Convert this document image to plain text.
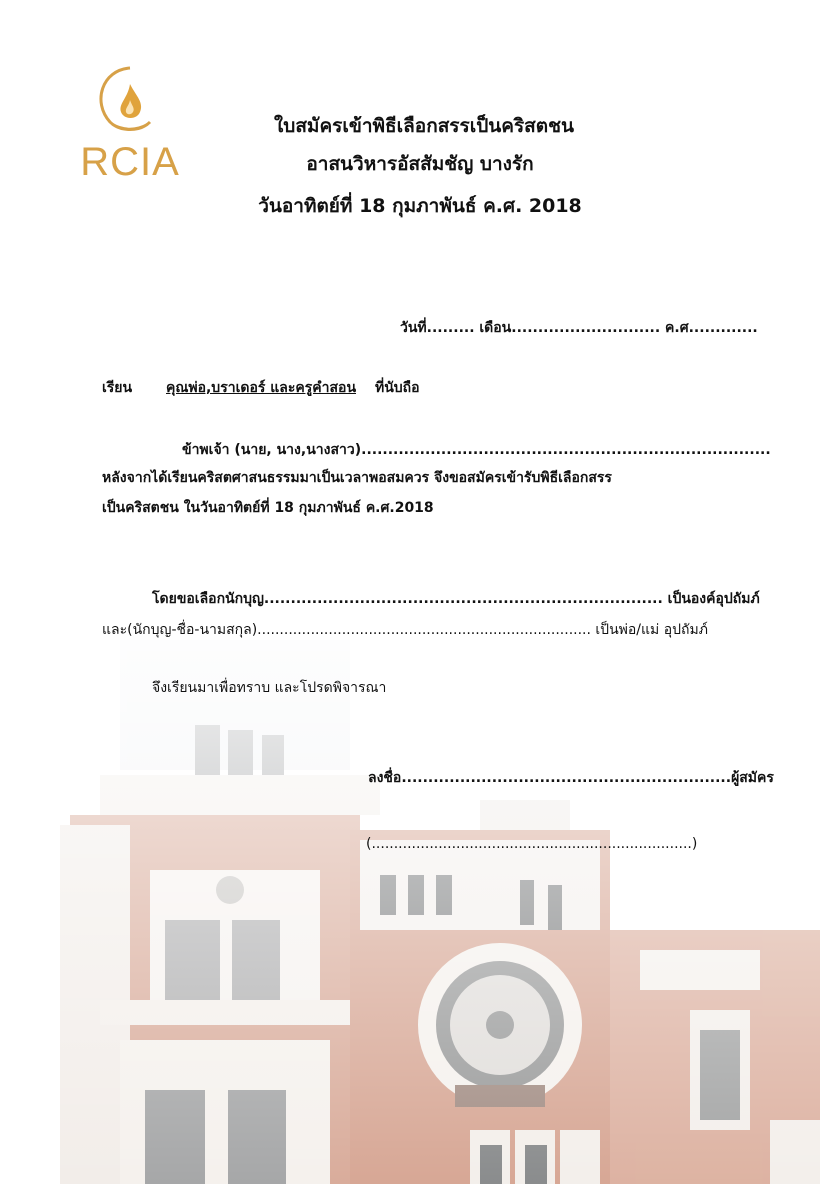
RCIA
ใบสมัครเข้าพิธีเลือกสรรเป็นคริสตชน
อาสนวิหารอัสสัมชัญ บางรัก
วันอาทิตย์ที่ 18 กุมภาพันธ์ ค.ศ. 2018
วันที่......... เดือน............................ ค.ศ.............
เรียน คุณพ่อ,บราเดอร์ และครูคำสอน ที่นับถือ
ข้าพเจ้า (นาย, นาง,นางสาว).............................................................................
หลังจากได้เรียนคริสตศาสนธรรมมาเป็นเวลาพอสมควร จึงขอสมัครเข้ารับพิธีเลือกสรร
เป็นคริสตชน ในวันอาทิตย์ที่ 18 กุมภาพันธ์ ค.ศ.2018
โดยขอเลือกนักบุญ........................................................................... เป็นองค์อุปถัมภ์
และ(นักบุญ-ชื่อ-นามสกุล)........................................................................... เป็นพ่อ/แม่ อุปถัมภ์
จึงเรียนมาเพื่อทราบ และโปรดพิจารณา
ลงชื่อ..............................................................ผู้สมัคร
(........................................................................)
